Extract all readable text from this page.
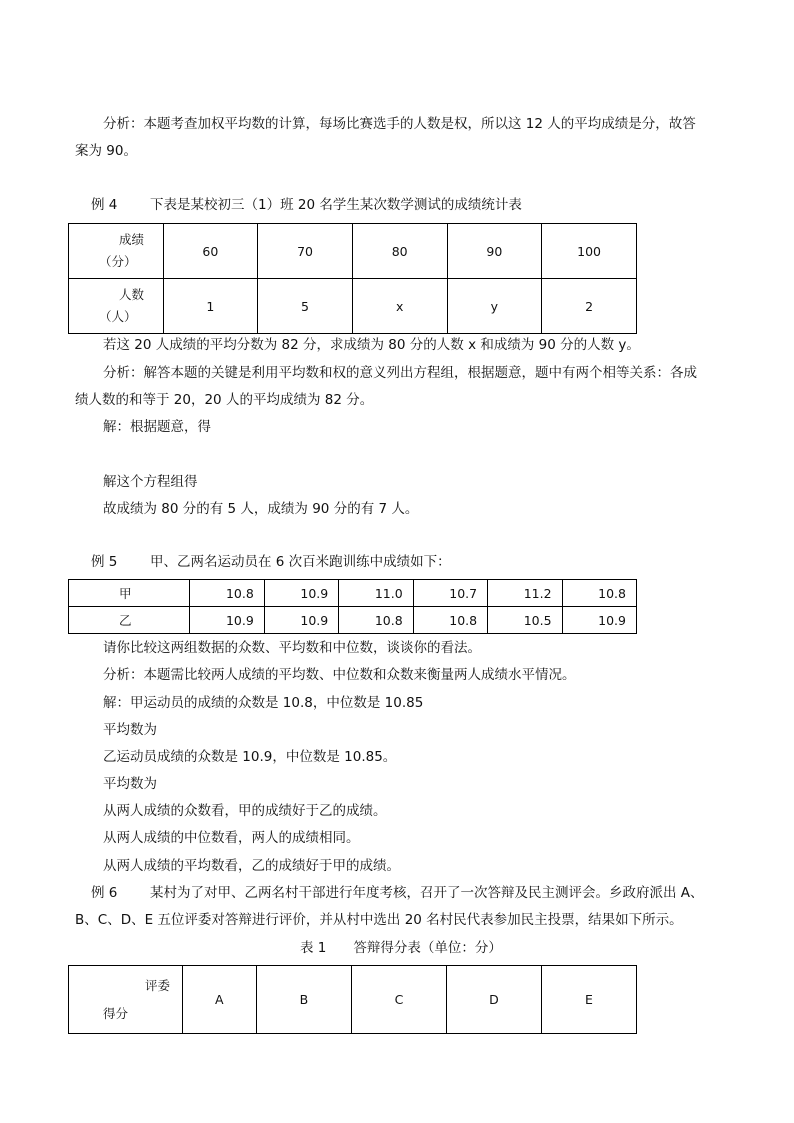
分析：本题考查加权平均数的计算，每场比赛选手的人数是权，所以这 12 人的平均成绩是分，故答
案为 90。
例 4 下表是某校初三（1）班 20 名学生某次数学测试的成绩统计表
成绩
（分）	60	70	80	90	100

人数
（人）	1	5	x	y	2
若这 20 人成绩的平均分数为 82 分，求成绩为 80 分的人数 x 和成绩为 90 分的人数 y。
分析：解答本题的关键是利用平均数和权的意义列出方程组，根据题意，题中有两个相等关系：各成
绩人数的和等于 20，20 人的平均成绩为 82 分。
解：根据题意，得
解这个方程组得
故成绩为 80 分的有 5 人，成绩为 90 分的有 7 人。
例 5 甲、乙两名运动员在 6 次百米跑训练中成绩如下：
甲	10.8	10.9	11.0	10.7	11.2	10.8
乙	10.9	10.9	10.8	10.8	10.5	10.9
请你比较这两组数据的众数、平均数和中位数，谈谈你的看法。
分析：本题需比较两人成绩的平均数、中位数和众数来衡量两人成绩水平情况。
解：甲运动员的成绩的众数是 10.8，中位数是 10.85
平均数为
乙运动员成绩的众数是 10.9，中位数是 10.85。
平均数为
从两人成绩的众数看，甲的成绩好于乙的成绩。
从两人成绩的中位数看，两人的成绩相同。
从两人成绩的平均数看，乙的成绩好于甲的成绩。
例 6 某村为了对甲、乙两名村干部进行年度考核，召开了一次答辩及民主测评会。乡政府派出 A、
B、C、D、E 五位评委对答辩进行评价，并从村中选出 20 名村民代表参加民主投票，结果如下所示。
表 1　　答辩得分表（单位：分）
评委
得分
	A	B	C	D	E
